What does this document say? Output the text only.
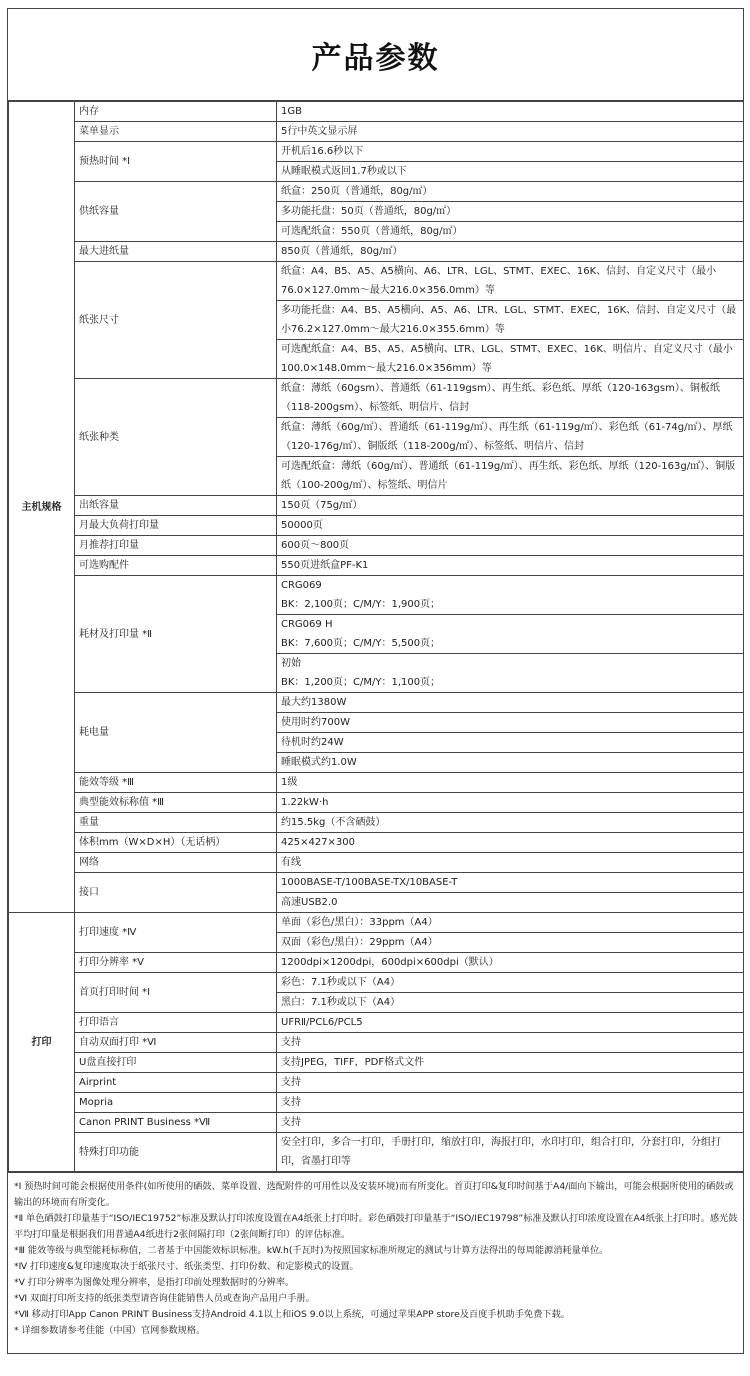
产品参数
主机规格	内存	1GB
	菜单显示	5行中英文显示屏
	预热时间 *Ⅰ	开机后16.6秒以下
		从睡眠模式返回1.7秒或以下
	供纸容量	纸盒：250页（普通纸，80g/㎡）
		多功能托盘：50页（普通纸，80g/㎡）
		可选配纸盒：550页（普通纸，80g/㎡）
	最大进纸量	850页（普通纸，80g/㎡）
	纸张尺寸	纸盒：A4、B5、A5、A5横向、A6、LTR、LGL、STMT、EXEC、16K、信封、自定义尺寸（最小76.0×127.0mm～最大216.0×356.0mm）等
		多功能托盘：A4、B5、A5横向、A5、A6、LTR、LGL、STMT、EXEC，16K、信封、自定义尺寸（最小76.2×127.0mm～最大216.0×355.6mm）等
		可选配纸盒：A4、B5、A5、A5横向、LTR、LGL、STMT、EXEC、16K、明信片、自定义尺寸（最小100.0×148.0mm～最大216.0×356mm）等
	纸张种类	纸盒：薄纸（60gsm）、普通纸（61-119gsm）、再生纸、彩色纸、厚纸（120-163gsm）、铜板纸（118-200gsm）、标签纸、明信片、信封
		纸盒：薄纸（60g/㎡）、普通纸（61-119g/㎡）、再生纸（61-119g/㎡）、彩色纸（61-74g/㎡）、厚纸（120-176g/㎡）、铜版纸（118-200g/㎡）、标签纸、明信片、信封
		可选配纸盒：薄纸（60g/㎡）、普通纸（61-119g/㎡）、再生纸、彩色纸、厚纸（120-163g/㎡）、铜版纸（100-200g/㎡）、标签纸、明信片
	出纸容量	150页（75g/㎡）
	月最大负荷打印量	50000页
	月推荐打印量	600页～800页
	可选购配件	550页进纸盒PF-K1
	耗材及打印量 *Ⅱ	CRG069
BK：2,100页；C/M/Y：1,900页；
		CRG069 H
BK：7,600页；C/M/Y：5,500页；
		初始
BK：1,200页；C/M/Y：1,100页；
	耗电量	最大约1380W
		使用时约700W
		待机时约24W
		睡眠模式约1.0W
	能效等级 *Ⅲ	1级
	典型能效标称值 *Ⅲ	1.22kW·h
	重量	约15.5kg（不含硒鼓）
	体积mm（W×D×H）（无话柄）	425×427×300
	网络	有线
	接口	1000BASE-T/100BASE-TX/10BASE-T
		高速USB2.0
打印	打印速度 *Ⅳ	单面（彩色/黑白）：33ppm（A4）
		双面（彩色/黑白）：29ppm（A4）
	打印分辨率 *Ⅴ	1200dpi×1200dpi，600dpi×600dpi（默认）
	首页打印时间 *Ⅰ	彩色：7.1秒或以下（A4）
		黑白：7.1秒或以下（A4）
	打印语言	UFRⅡ/PCL6/PCL5
	自动双面打印 *Ⅵ	支持
	U盘直接打印	支持JPEG，TIFF，PDF格式文件
	Airprint	支持
	Mopria	支持
	Canon PRINT Business *Ⅶ	支持
	特殊打印功能	安全打印，多合一打印，手册打印，缩放打印，海报打印，水印打印，组合打印，分套打印，分组打印，省墨打印等

*Ⅰ 预热时间可能会根据使用条件(如所使用的硒鼓、菜单设置、选配附件的可用性以及安装环境)而有所变化。首页打印&复印时间基于A4/面向下输出，可能会根据所使用的硒鼓或输出的环境而有所变化。

*Ⅱ 单色硒鼓打印量基于“ISO/IEC19752”标准及默认打印浓度设置在A4纸张上打印时。彩色硒鼓打印量基于“ISO/IEC19798”标准及默认打印浓度设置在A4纸张上打印时。感光鼓平均打印量是根据我们用普通A4纸进行2张间隔打印（2张间断打印）的评估标准。

*Ⅲ 能效等级与典型能耗标称值，二者基于中国能效标识标准。kW.h(千瓦时)为按照国家标准所规定的测试与计算方法得出的每周能源消耗量单位。

*Ⅳ 打印速度&复印速度取决于纸张尺寸、纸张类型、打印份数、和定影模式的设置。

*Ⅴ 打印分辨率为图像处理分辨率，是指打印前处理数据时的分辨率。

*Ⅵ 双面打印所支持的纸张类型请咨询佳能销售人员或查询产品用户手册。

*Ⅶ 移动打印App Canon PRINT Business支持Android 4.1以上和iOS 9.0以上系统，可通过苹果APP store及百度手机助手免费下载。

* 详细参数请参考佳能（中国）官网参数规格。
